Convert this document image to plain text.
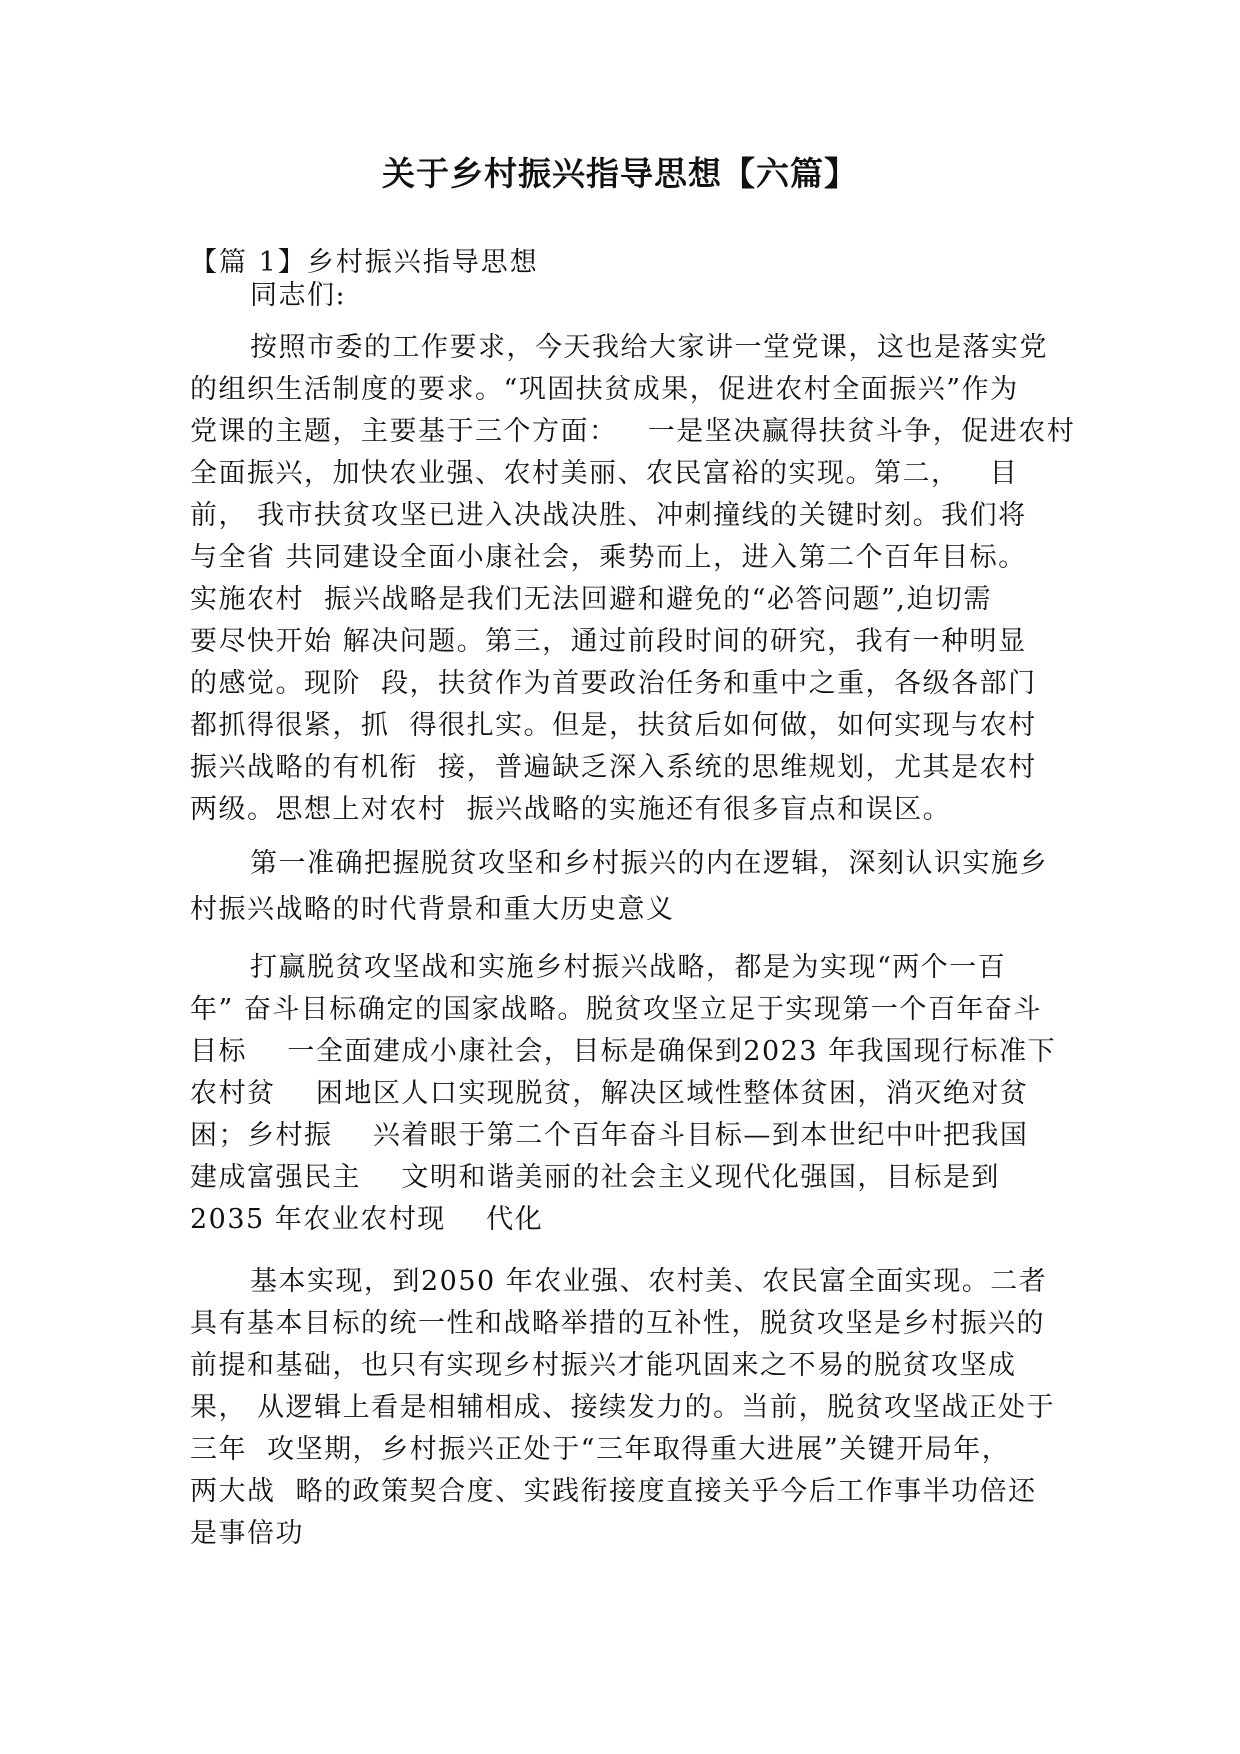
关于乡村振兴指导思想【六篇】
【篇 1】乡村振兴指导思想
同志们:
按照市委的工作要求，今天我给大家讲一堂党课，这也是落实党
的组织生活制度的要求。“巩固扶贫成果，促进农村全面振兴”作为
党课的主题，主要基于三个方面：   一是坚决赢得扶贫斗争，促进农村
全面振兴，加快农业强、农村美丽、农民富裕的实现。第二，   目
前， 我市扶贫攻坚已进入决战决胜、冲刺撞线的关键时刻。我们将
与全省 共同建设全面小康社会，乘势而上，进入第二个百年目标。
实施农村  振兴战略是我们无法回避和避免的“必答问题”,迫切需
要尽快开始 解决问题。第三，通过前段时间的研究，我有一种明显
的感觉。现阶  段，扶贫作为首要政治任务和重中之重，各级各部门
都抓得很紧，抓  得很扎实。但是，扶贫后如何做，如何实现与农村
振兴战略的有机衔  接，普遍缺乏深入系统的思维规划，尤其是农村
两级。思想上对农村  振兴战略的实施还有很多盲点和误区。
第一准确把握脱贫攻坚和乡村振兴的内在逻辑，深刻认识实施乡
村振兴战略的时代背景和重大历史意义
打赢脱贫攻坚战和实施乡村振兴战略，都是为实现“两个一百
年” 奋斗目标确定的国家战略。脱贫攻坚立足于实现第一个百年奋斗
目标    一全面建成小康社会，目标是确保到2023 年我国现行标准下
农村贫    困地区人口实现脱贫，解决区域性整体贫困，消灭绝对贫
困；乡村振    兴着眼于第二个百年奋斗目标—到本世纪中叶把我国
建成富强民主    文明和谐美丽的社会主义现代化强国，目标是到
2035 年农业农村现    代化
基本实现，到2050 年农业强、农村美、农民富全面实现。二者
具有基本目标的统一性和战略举措的互补性，脱贫攻坚是乡村振兴的
前提和基础，也只有实现乡村振兴才能巩固来之不易的脱贫攻坚成
果， 从逻辑上看是相辅相成、接续发力的。当前，脱贫攻坚战正处于
三年  攻坚期，乡村振兴正处于“三年取得重大进展”关键开局年，
两大战  略的政策契合度、实践衔接度直接关乎今后工作事半功倍还
是事倍功
